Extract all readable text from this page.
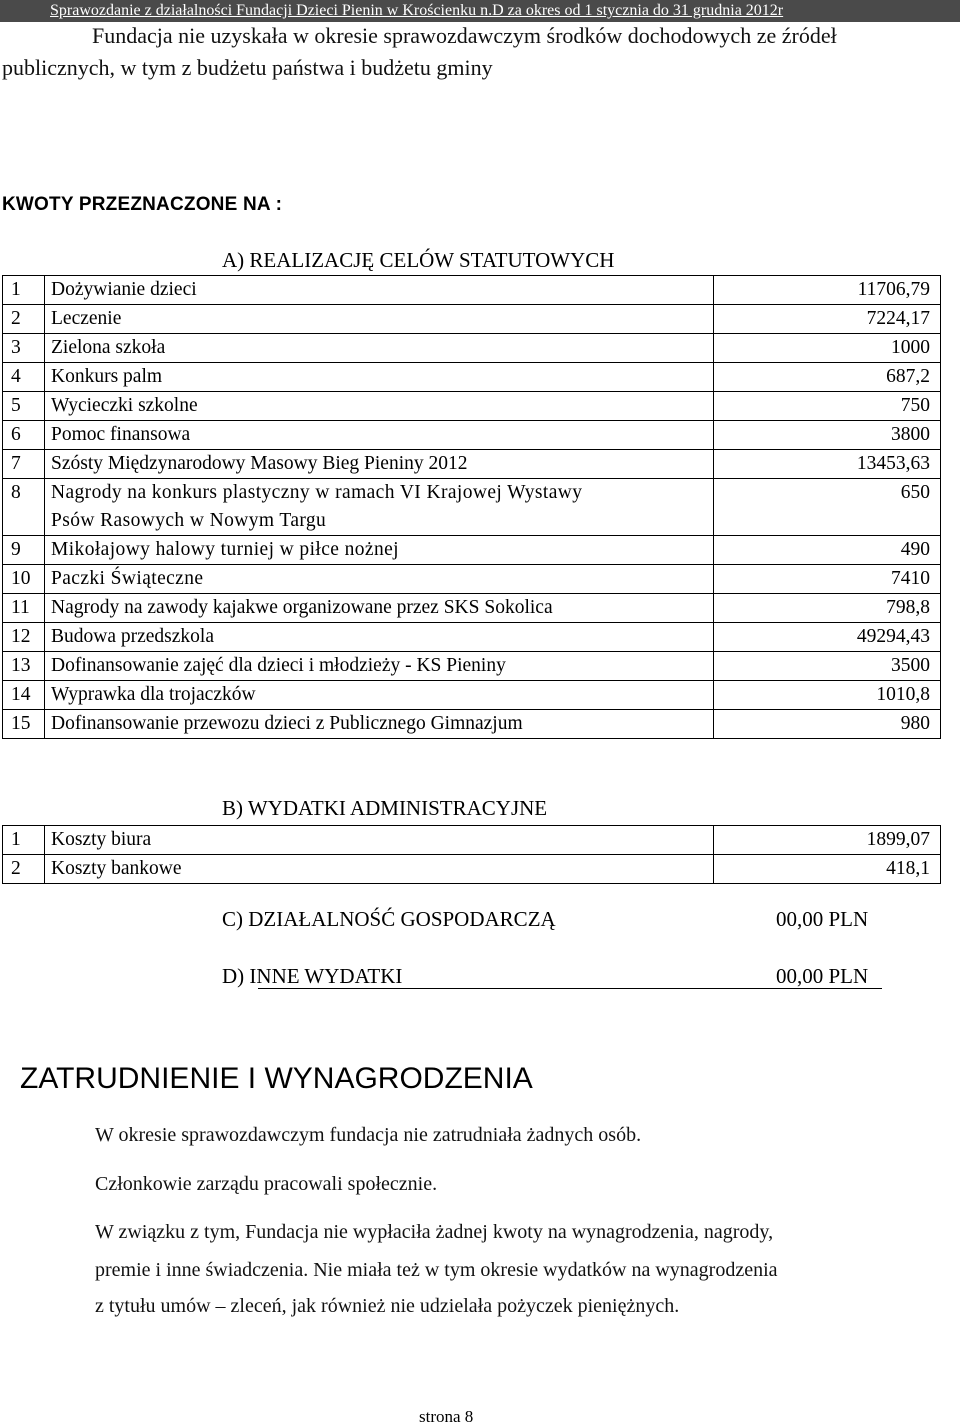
Sprawozdanie z działalności Fundacji Dzieci Pienin w Krościenku n.D za okres od 1 stycznia do 31 grudnia 2012r
Fundacja nie uzyskała w okresie sprawozdawczym środków dochodowych ze źródeł
publicznych, w tym z budżetu państwa i budżetu gminy
KWOTY PRZEZNACZONE NA :
A) REALIZACJĘ CELÓW STATUTOWYCH
1	Dożywianie dzieci	11706,79
2	Leczenie	7224,17
3	Zielona szkoła	1000
4	Konkurs palm	687,2
5	Wycieczki szkolne	750
6	Pomoc finansowa	3800
7	Szósty Międzynarodowy Masowy Bieg Pieniny 2012	13453,63
8	Nagrody na konkurs plastyczny w ramach VI Krajowej Wystawy
Psów Rasowych w Nowym Targu	650
9	Mikołajowy halowy turniej w piłce nożnej	490
10	Paczki Świąteczne	7410
11	Nagrody na zawody kajakwe organizowane przez SKS Sokolica	798,8
12	Budowa przedszkola	49294,43
13	Dofinansowanie zajęć dla dzieci i młodzieży - KS Pieniny	3500
14	Wyprawka dla trojaczków	1010,8
15	Dofinansowanie przewozu dzieci z Publicznego Gimnazjum	980
B) WYDATKI ADMINISTRACYJNE
1	Koszty biura	1899,07
2	Koszty bankowe	418,1
C) DZIAŁALNOŚĆ GOSPODARCZĄ	00,00 PLN
D) INNE WYDATKI	00,00 PLN
ZATRUDNIENIE I WYNAGRODZENIA
W okresie sprawozdawczym fundacja nie zatrudniała żadnych osób.
Członkowie zarządu pracowali społecznie.
W związku z tym, Fundacja nie wypłaciła żadnej kwoty na wynagrodzenia, nagrody,
premie i inne świadczenia. Nie miała też w tym okresie wydatków na wynagrodzenia
z tytułu umów – zleceń, jak również nie udzielała pożyczek pieniężnych.
strona 8
